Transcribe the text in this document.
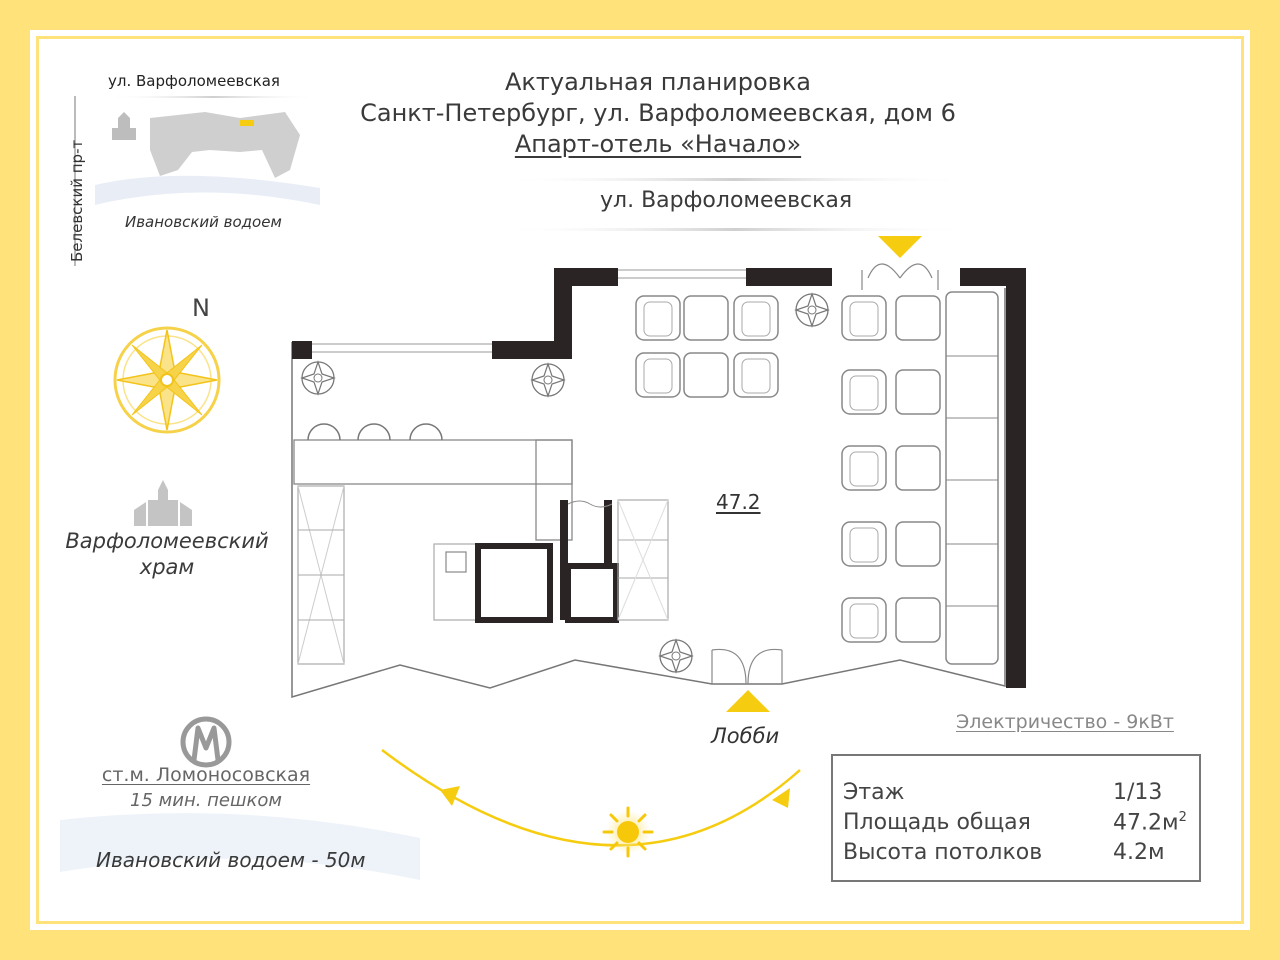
Актуальная планировка
Санкт-Петербург, ул. Варфоломеевская, дом 6
Апарт-отель «Начало»
ул. Варфоломеевская
ул. Варфоломеевская
Ивановский водоем
Белевский пр-т
N
Варфоломеевский храм
ст.м. Ломоносовская
15 мин. пешком
Ивановский водоем - 50м
Лобби
47.2
Электричество - 9кВт
Этаж	1/13
Площадь общая	$47.2м^2$
Высота потолков	4.2м
